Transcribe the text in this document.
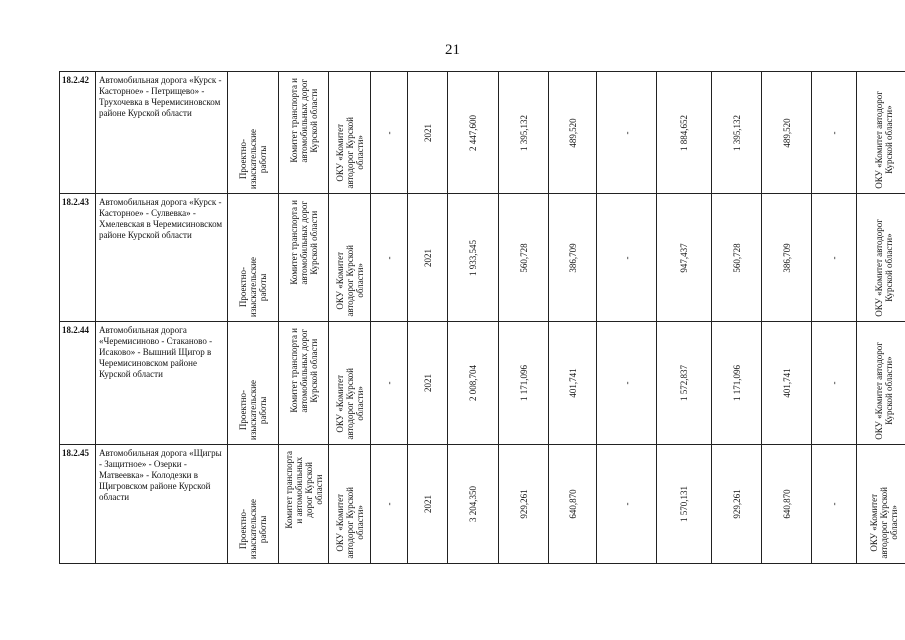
21
18.2.42	Автомобильная дорога «Курск - Касторное» - Петрищево» - Трухочевка в Черемисиновском районе Курской области	Проектно-
изыскательские
работы	Комитет транспорта и
автомобильных дорог
Курской области	ОКУ «Комитет
автодорог Курской
области»	-	2021	2 447,600	1 395,132	489,520	-	1 884,652	1 395,132	489,520	-	ОКУ «Комитет автодорог
Курской области»

18.2.43	Автомобильная дорога «Курск - Касторное» - Сулвевка» - Хмелевская в Черемисиновском районе Курской области	Проектно-
изыскательские
работы	Комитет транспорта и
автомобильных дорог
Курской области	ОКУ «Комитет
автодорог Курской
области»	-	2021	1 933,545	560,728	386,709	-	947,437	560,728	386,709	-	ОКУ «Комитет автодорог
Курской области»

18.2.44	Автомобильная дорога «Черемисиново - Стаканово - Исаково» - Вышний Щигор в Черемисиновском районе Курской области	Проектно-
изыскательские
работы	Комитет транспорта и
автомобильных дорог
Курской области	ОКУ «Комитет
автодорог Курской
области»	-	2021	2 008,704	1 171,096	401,741	-	1 572,837	1 171,096	401,741	-	ОКУ «Комитет автодорог
Курской области»

18.2.45	Автомобильная дорога «Щигры - Защитное» - Озерки - Матвеевка» - Колодезки в Щигровском районе Курской области	Проектно-
изыскательские
работы	Комитет транспорта
и автомобильных
дорог Курской
области	ОКУ «Комитет
автодорог Курской
области»	-	2021	3 204,350	929,261	640,870	-	1 570,131	929,261	640,870	-	ОКУ «Комитет
автодорог Курской
области»
